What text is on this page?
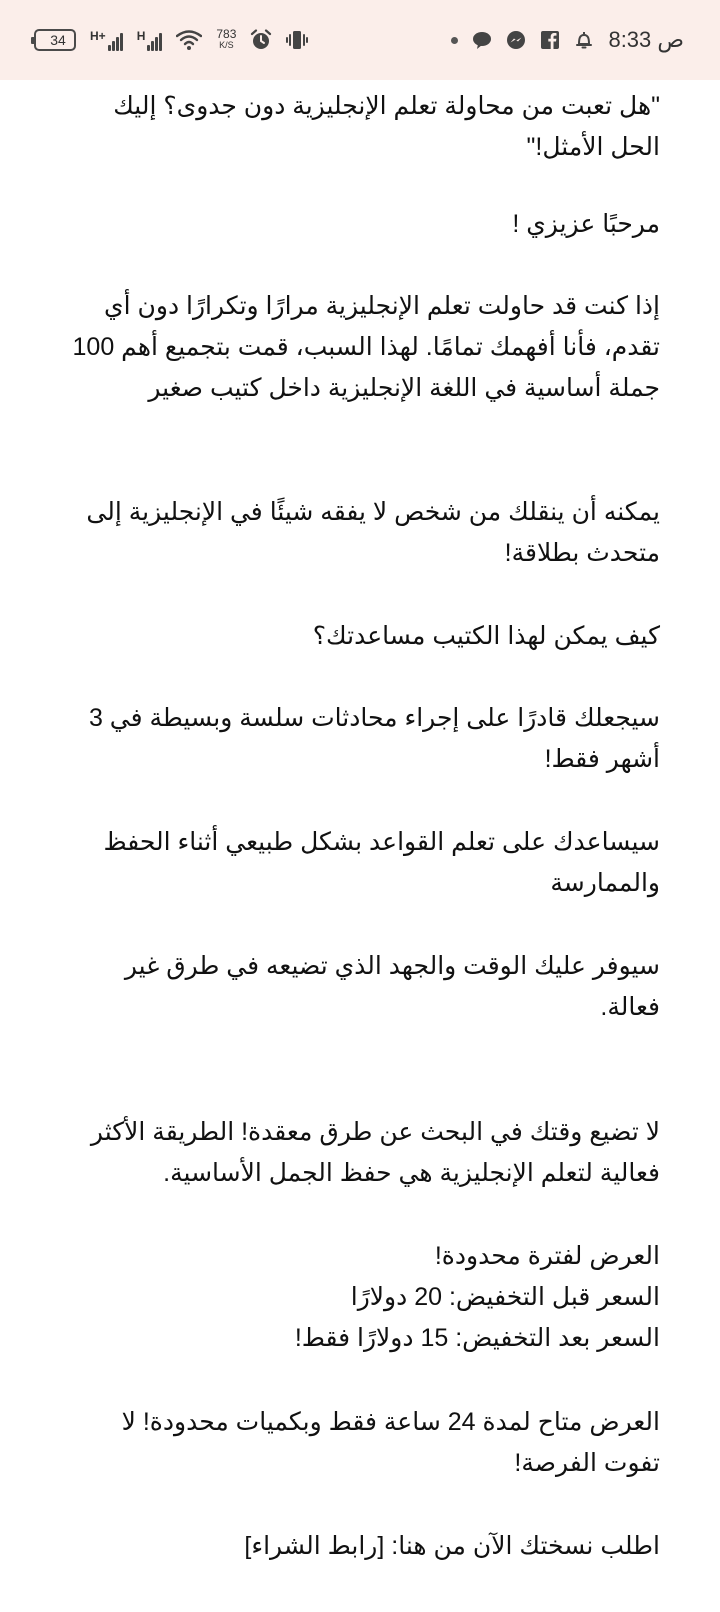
34	H+	H	783
K/S	8:33 ص
"هل تعبت من محاولة تعلم الإنجليزية دون جدوى؟ إليك الحل الأمثل!"
مرحبًا عزيزي !
إذا كنت قد حاولت تعلم الإنجليزية مرارًا وتكرارًا دون أي تقدم، فأنا أفهمك تمامًا. لهذا السبب، قمت بتجميع أهم 100 جملة أساسية في اللغة الإنجليزية داخل كتيب صغير
يمكنه أن ينقلك من شخص لا يفقه شيئًا في الإنجليزية إلى متحدث بطلاقة!
كيف يمكن لهذا الكتيب مساعدتك؟
سيجعلك قادرًا على إجراء محادثات سلسة وبسيطة في 3 أشهر فقط!
سيساعدك على تعلم القواعد بشكل طبيعي أثناء الحفظ والممارسة
سيوفر عليك الوقت والجهد الذي تضيعه في طرق غير فعالة.
لا تضيع وقتك في البحث عن طرق معقدة! الطريقة الأكثر فعالية لتعلم الإنجليزية هي حفظ الجمل الأساسية.
العرض لفترة محدودة!
السعر قبل التخفيض: 20 دولارًا
السعر بعد التخفيض: 15 دولارًا فقط!
العرض متاح لمدة 24 ساعة فقط وبكميات محدودة! لا تفوت الفرصة!
اطلب نسختك الآن من هنا: [رابط الشراء]
